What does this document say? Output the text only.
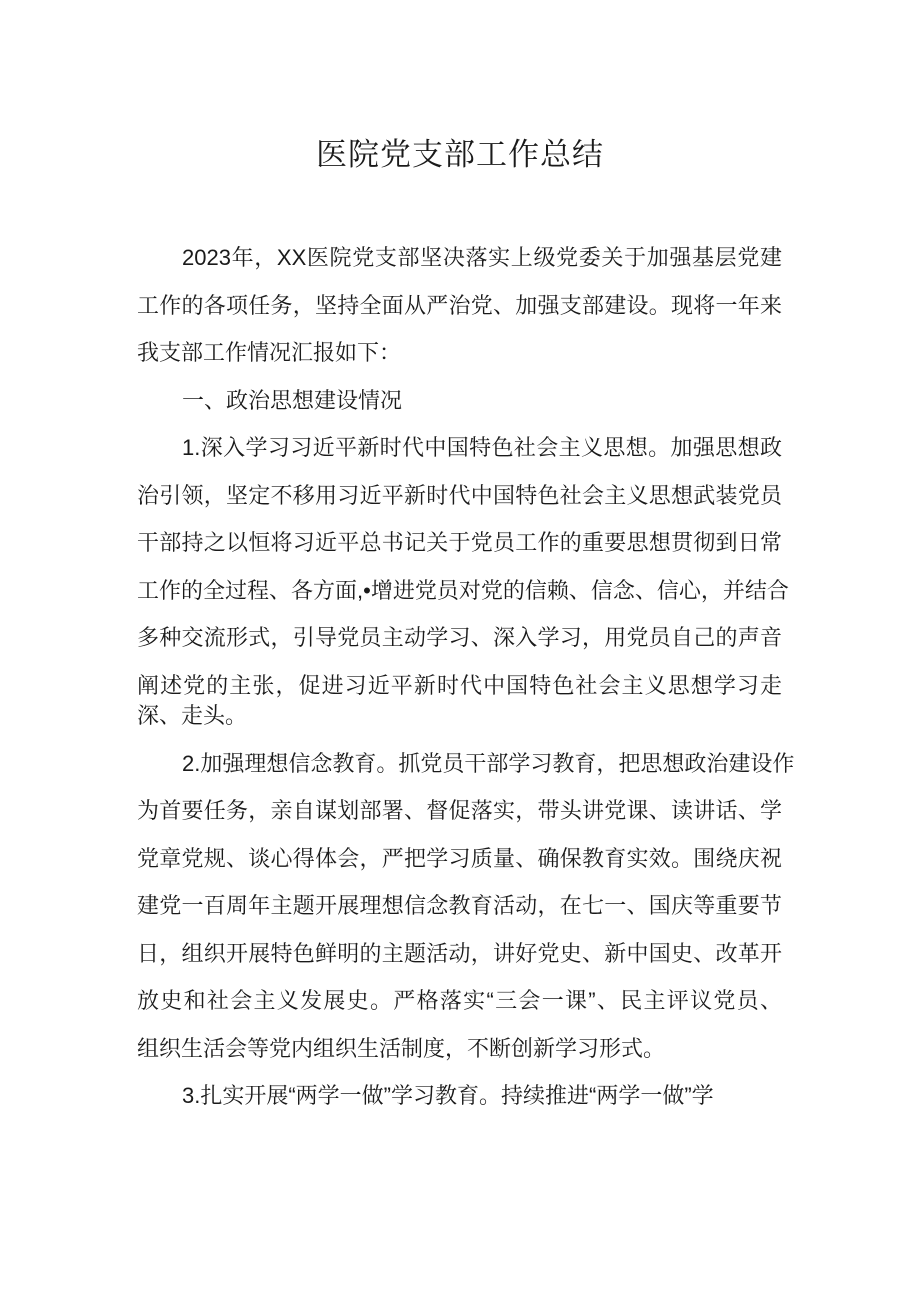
医院党支部工作总结
2023年，XX医院党支部坚决落实上级党委关于加强基层党建
工作的各项任务，坚持全面从严治党、加强支部建设。现将一年来
我支部工作情况汇报如下：
一、政治思想建设情况
1.深入学习习近平新时代中国特色社会主义思想。加强思想政
治引领，坚定不移用习近平新时代中国特色社会主义思想武装党员
干部持之以恒将习近平总书记关于党员工作的重要思想贯彻到日常
工作的全过程、各方面,•增进党员对党的信赖、信念、信心，并结合
多种交流形式，引导党员主动学习、深入学习，用党员自己的声音
阐述党的主张，促进习近平新时代中国特色社会主义思想学习走
深、走头。
2.加强理想信念教育。抓党员干部学习教育，把思想政治建设作
为首要任务，亲自谋划部署、督促落实，带头讲党课、读讲话、学
党章党规、谈心得体会，严把学习质量、确保教育实效。围绕庆祝
建党一百周年主题开展理想信念教育活动，在七一、国庆等重要节
日，组织开展特色鲜明的主题活动，讲好党史、新中国史、改革开
放史和社会主义发展史。严格落实“三会一课”、民主评议党员、
组织生活会等党内组织生活制度，不断创新学习形式。
3.扎实开展“两学一做”学习教育。持续推进“两学一做”学
